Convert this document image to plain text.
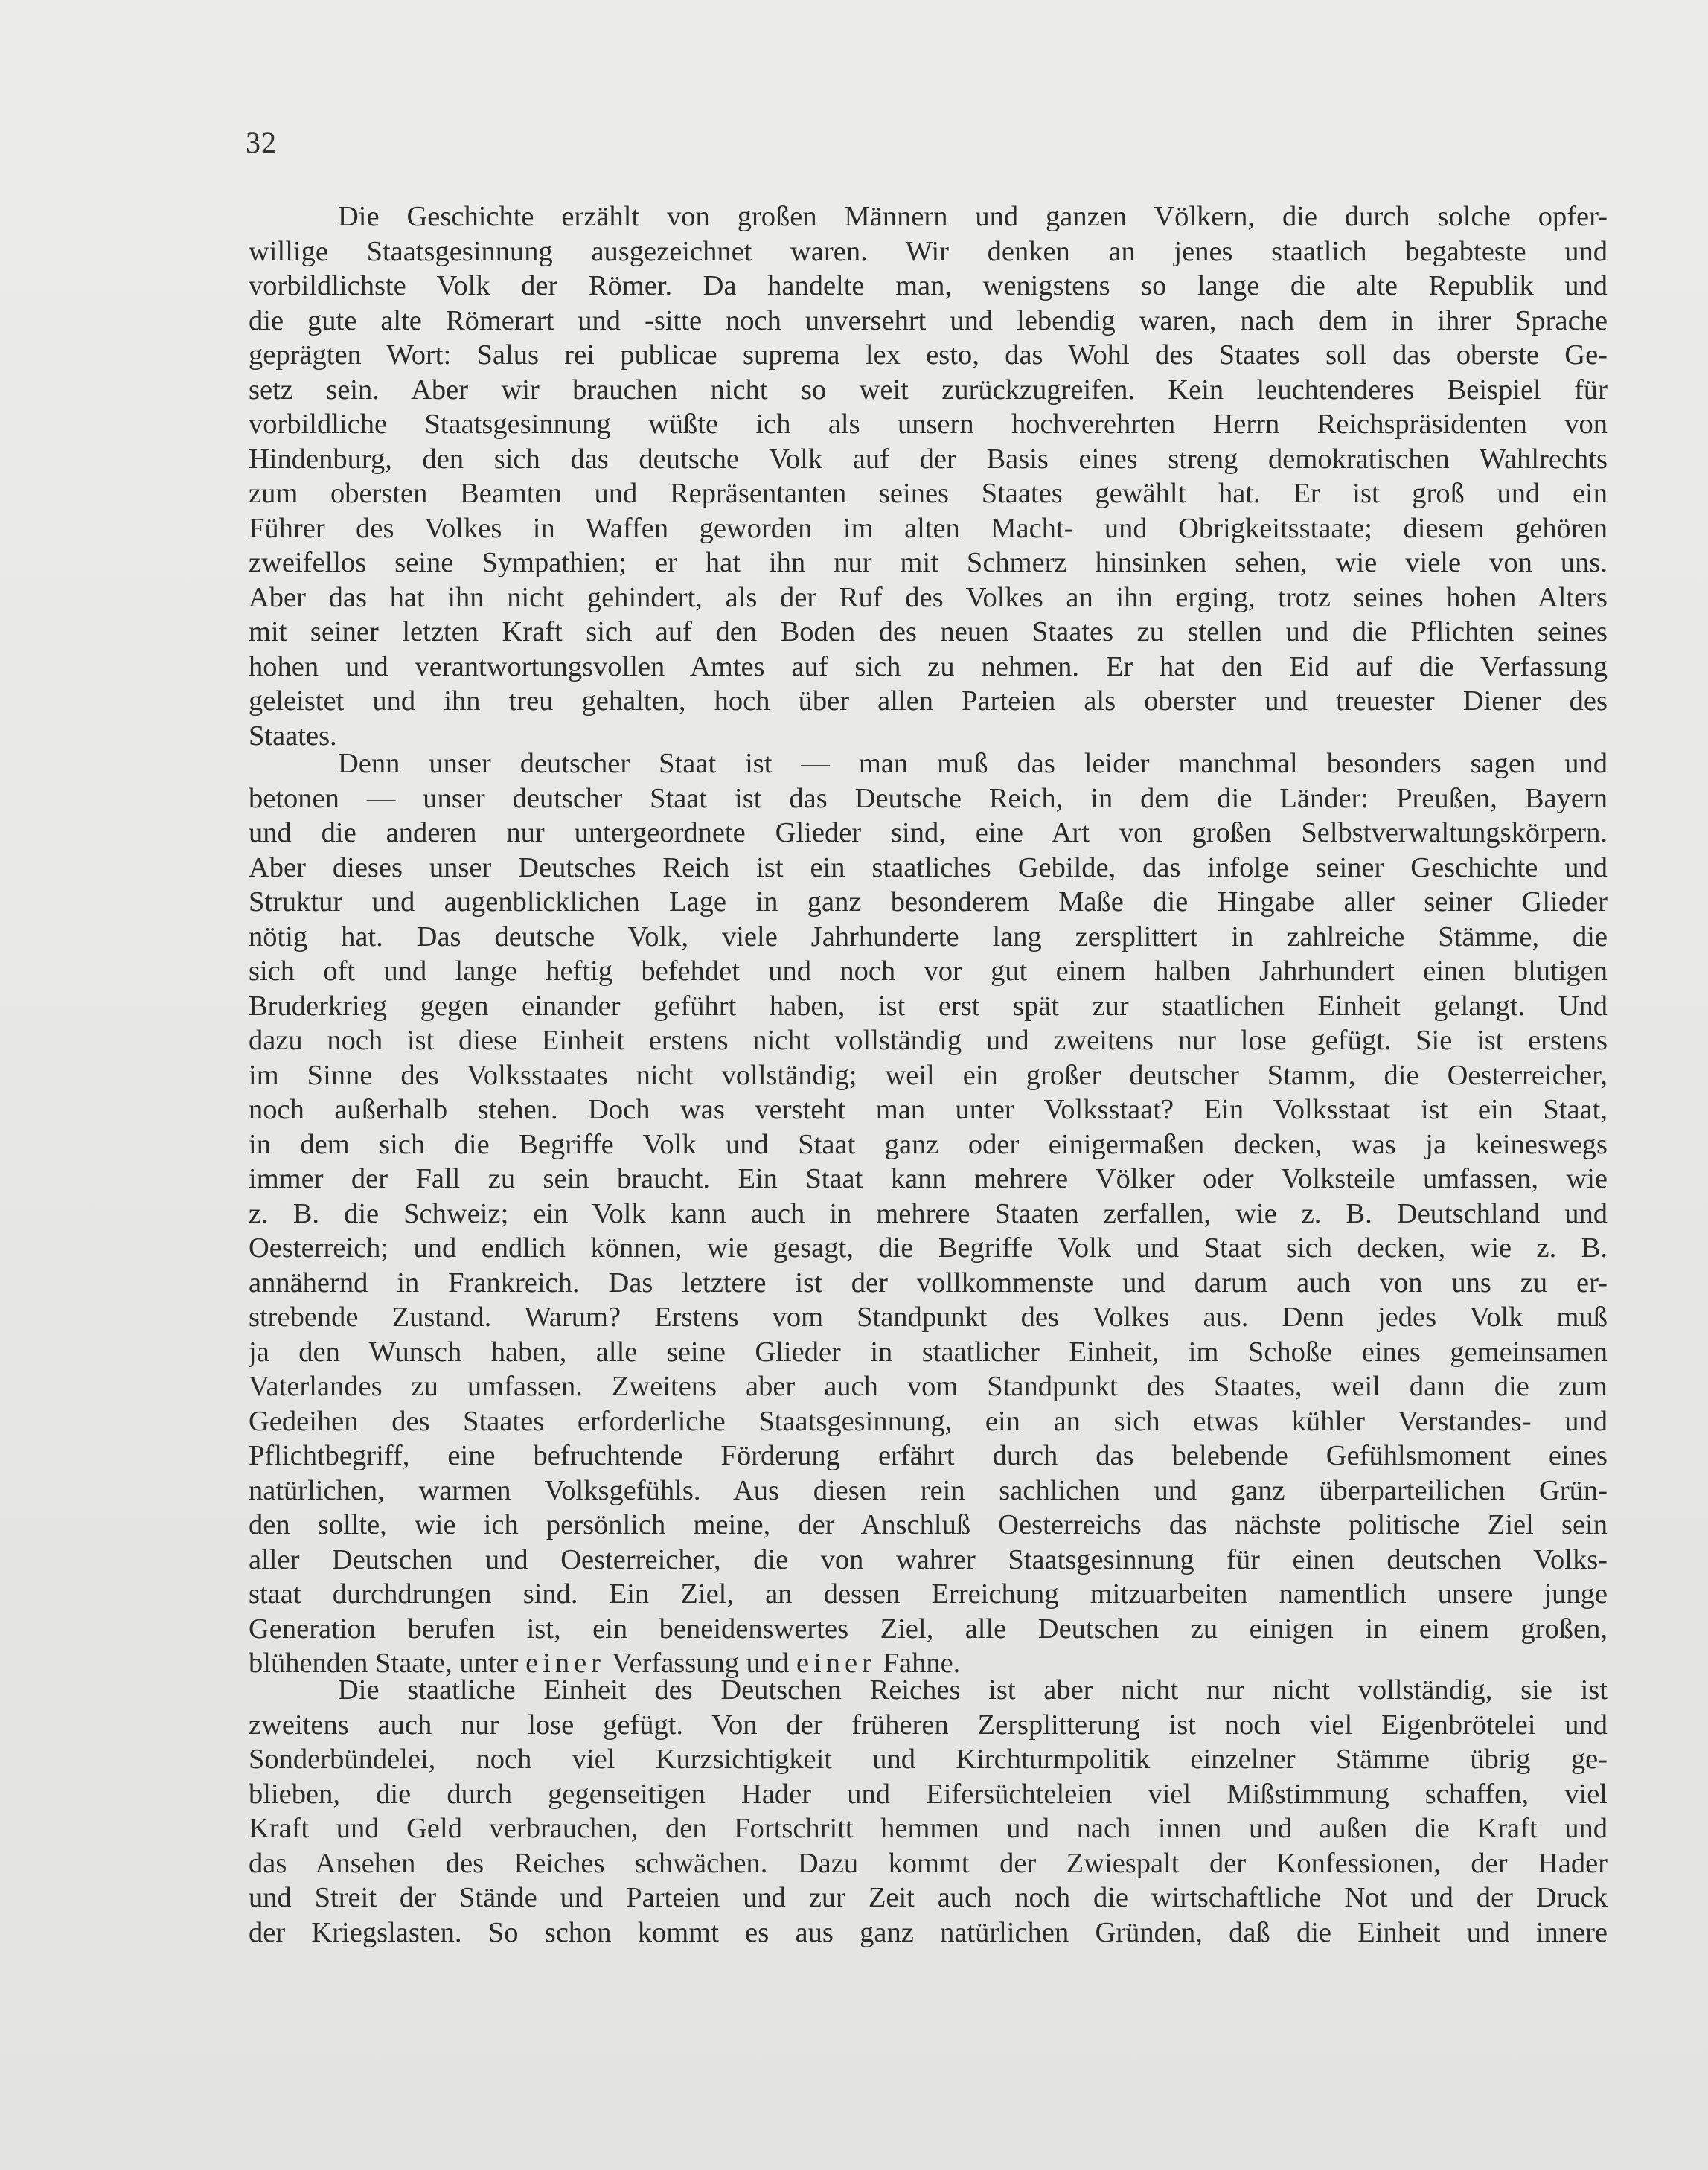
32
Die Geschichte erzählt von großen Männern und ganzen Völkern, die durch solche opfer-
willige Staatsgesinnung ausgezeichnet waren. Wir denken an jenes staatlich begabteste und
vorbildlichste Volk der Römer. Da handelte man, wenigstens so lange die alte Republik und
die gute alte Römerart und -sitte noch unversehrt und lebendig waren, nach dem in ihrer Sprache
geprägten Wort: Salus rei publicae suprema lex esto, das Wohl des Staates soll das oberste Ge-
setz sein. Aber wir brauchen nicht so weit zurückzugreifen. Kein leuchtenderes Beispiel für
vorbildliche Staatsgesinnung wüßte ich als unsern hochverehrten Herrn Reichspräsidenten von
Hindenburg, den sich das deutsche Volk auf der Basis eines streng demokratischen Wahlrechts
zum obersten Beamten und Repräsentanten seines Staates gewählt hat. Er ist groß und ein
Führer des Volkes in Waffen geworden im alten Macht- und Obrigkeitsstaate; diesem gehören
zweifellos seine Sympathien; er hat ihn nur mit Schmerz hinsinken sehen, wie viele von uns.
Aber das hat ihn nicht gehindert, als der Ruf des Volkes an ihn erging, trotz seines hohen Alters
mit seiner letzten Kraft sich auf den Boden des neuen Staates zu stellen und die Pflichten seines
hohen und verantwortungsvollen Amtes auf sich zu nehmen. Er hat den Eid auf die Verfassung
geleistet und ihn treu gehalten, hoch über allen Parteien als oberster und treuester Diener des
Staates.
Denn unser deutscher Staat ist — man muß das leider manchmal besonders sagen und
betonen — unser deutscher Staat ist das Deutsche Reich, in dem die Länder: Preußen, Bayern
und die anderen nur untergeordnete Glieder sind, eine Art von großen Selbstverwaltungskörpern.
Aber dieses unser Deutsches Reich ist ein staatliches Gebilde, das infolge seiner Geschichte und
Struktur und augenblicklichen Lage in ganz besonderem Maße die Hingabe aller seiner Glieder
nötig hat. Das deutsche Volk, viele Jahrhunderte lang zersplittert in zahlreiche Stämme, die
sich oft und lange heftig befehdet und noch vor gut einem halben Jahrhundert einen blutigen
Bruderkrieg gegen einander geführt haben, ist erst spät zur staatlichen Einheit gelangt. Und
dazu noch ist diese Einheit erstens nicht vollständig und zweitens nur lose gefügt. Sie ist erstens
im Sinne des Volksstaates nicht vollständig; weil ein großer deutscher Stamm, die Oesterreicher,
noch außerhalb stehen. Doch was versteht man unter Volksstaat? Ein Volksstaat ist ein Staat,
in dem sich die Begriffe Volk und Staat ganz oder einigermaßen decken, was ja keineswegs
immer der Fall zu sein braucht. Ein Staat kann mehrere Völker oder Volksteile umfassen, wie
z. B. die Schweiz; ein Volk kann auch in mehrere Staaten zerfallen, wie z. B. Deutschland und
Oesterreich; und endlich können, wie gesagt, die Begriffe Volk und Staat sich decken, wie z. B.
annähernd in Frankreich. Das letztere ist der vollkommenste und darum auch von uns zu er-
strebende Zustand. Warum? Erstens vom Standpunkt des Volkes aus. Denn jedes Volk muß
ja den Wunsch haben, alle seine Glieder in staatlicher Einheit, im Schoße eines gemeinsamen
Vaterlandes zu umfassen. Zweitens aber auch vom Standpunkt des Staates, weil dann die zum
Gedeihen des Staates erforderliche Staatsgesinnung, ein an sich etwas kühler Verstandes- und
Pflichtbegriff, eine befruchtende Förderung erfährt durch das belebende Gefühlsmoment eines
natürlichen, warmen Volksgefühls. Aus diesen rein sachlichen und ganz überparteilichen Grün-
den sollte, wie ich persönlich meine, der Anschluß Oesterreichs das nächste politische Ziel sein
aller Deutschen und Oesterreicher, die von wahrer Staatsgesinnung für einen deutschen Volks-
staat durchdrungen sind. Ein Ziel, an dessen Erreichung mitzuarbeiten namentlich unsere junge
Generation berufen ist, ein beneidenswertes Ziel, alle Deutschen zu einigen in einem großen,
blühenden Staate, unter einer Verfassung und einer Fahne.
Die staatliche Einheit des Deutschen Reiches ist aber nicht nur nicht vollständig, sie ist
zweitens auch nur lose gefügt. Von der früheren Zersplitterung ist noch viel Eigenbrötelei und
Sonderbündelei, noch viel Kurzsichtigkeit und Kirchturmpolitik einzelner Stämme übrig ge-
blieben, die durch gegenseitigen Hader und Eifersüchteleien viel Mißstimmung schaffen, viel
Kraft und Geld verbrauchen, den Fortschritt hemmen und nach innen und außen die Kraft und
das Ansehen des Reiches schwächen. Dazu kommt der Zwiespalt der Konfessionen, der Hader
und Streit der Stände und Parteien und zur Zeit auch noch die wirtschaftliche Not und der Druck
der Kriegslasten. So schon kommt es aus ganz natürlichen Gründen, daß die Einheit und innere
